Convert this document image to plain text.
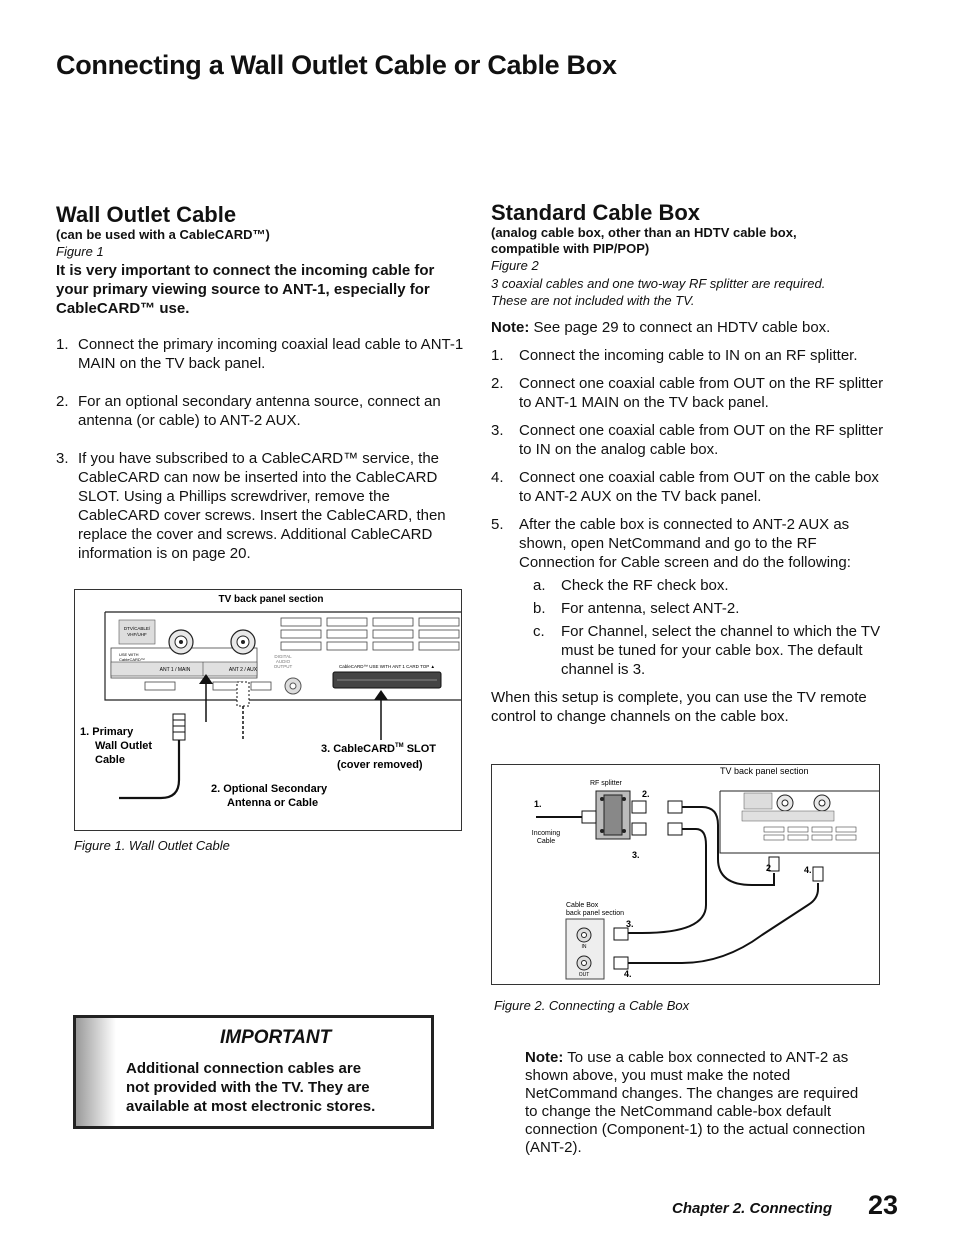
Connecting a Wall Outlet Cable or Cable Box
Wall Outlet Cable
(can be used with a CableCARD™)
Figure 1
It is very important to connect the incoming cable for your primary viewing source to ANT-1, especially for CableCARD™ use.
1. Connect the primary incoming coaxial lead cable to ANT-1 MAIN on the TV back panel.
2. For an optional secondary antenna source, connect an antenna (or cable) to ANT-2 AUX.
3. If you have subscribed to a CableCARD™ service, the CableCARD can now be inserted into the CableCARD SLOT. Using a Phillips screwdriver, remove the CableCARD cover screws. Insert the CableCARD, then replace the cover and screws. Additional CableCARD information is on page 20.
TV back panel section
DTV/CABLE/
VHF/UHF
USE WITH
CableCARD™
ANT 1 / MAIN	ANT 2 / AUX
DIGITAL
AUDIO
OUTPUT	CableCARD™ USE WITH ANT 1 CARD TOP ▲
1. Primary
Wall Outlet
Cable
2. Optional Secondary
Antenna or Cable
3. CableCARD™ SLOT
(cover removed)
Figure 1. Wall Outlet Cable
IMPORTANT
Additional connection cables are
not provided with the TV. They are
available at most electronic stores.
Standard Cable Box
(analog cable box, other than an HDTV cable box,
compatible with PIP/POP)
Figure 2
3 coaxial cables and one two-way RF splitter are required.
These are not included with the TV.
Note: See page 29 to connect an HDTV cable box.
1. Connect the incoming cable to IN on an RF splitter.
2. Connect one coaxial cable from OUT on the RF splitter to ANT-1 MAIN on the TV back panel.
3. Connect one coaxial cable from OUT on the RF splitter to IN on the analog cable box.
4. Connect one coaxial cable from OUT on the cable box to ANT-2 AUX on the TV back panel.
5. After the cable box is connected to ANT-2 AUX as shown, open NetCommand and go to the RF Connection for Cable screen and do the following:
a. Check the RF check box.
b. For antenna, select ANT-2.
c. For Channel, select the channel to which the TV must be tuned for your cable box. The default channel is 3.
When this setup is complete, you can use the TV remote control to change channels on the cable box.
TV back panel section
RF splitter
1.
Incoming
Cable
2.
3.
2	4.
Cable Box
back panel section
IN
OUT
3.
4.
Figure 2. Connecting a Cable Box
Note: To use a cable box connected to ANT-2 as shown above, you must make the noted NetCommand changes. The changes are required to change the NetCommand cable-box default connection (Component-1) to the actual connection (ANT-2).
Chapter 2. Connecting 23
